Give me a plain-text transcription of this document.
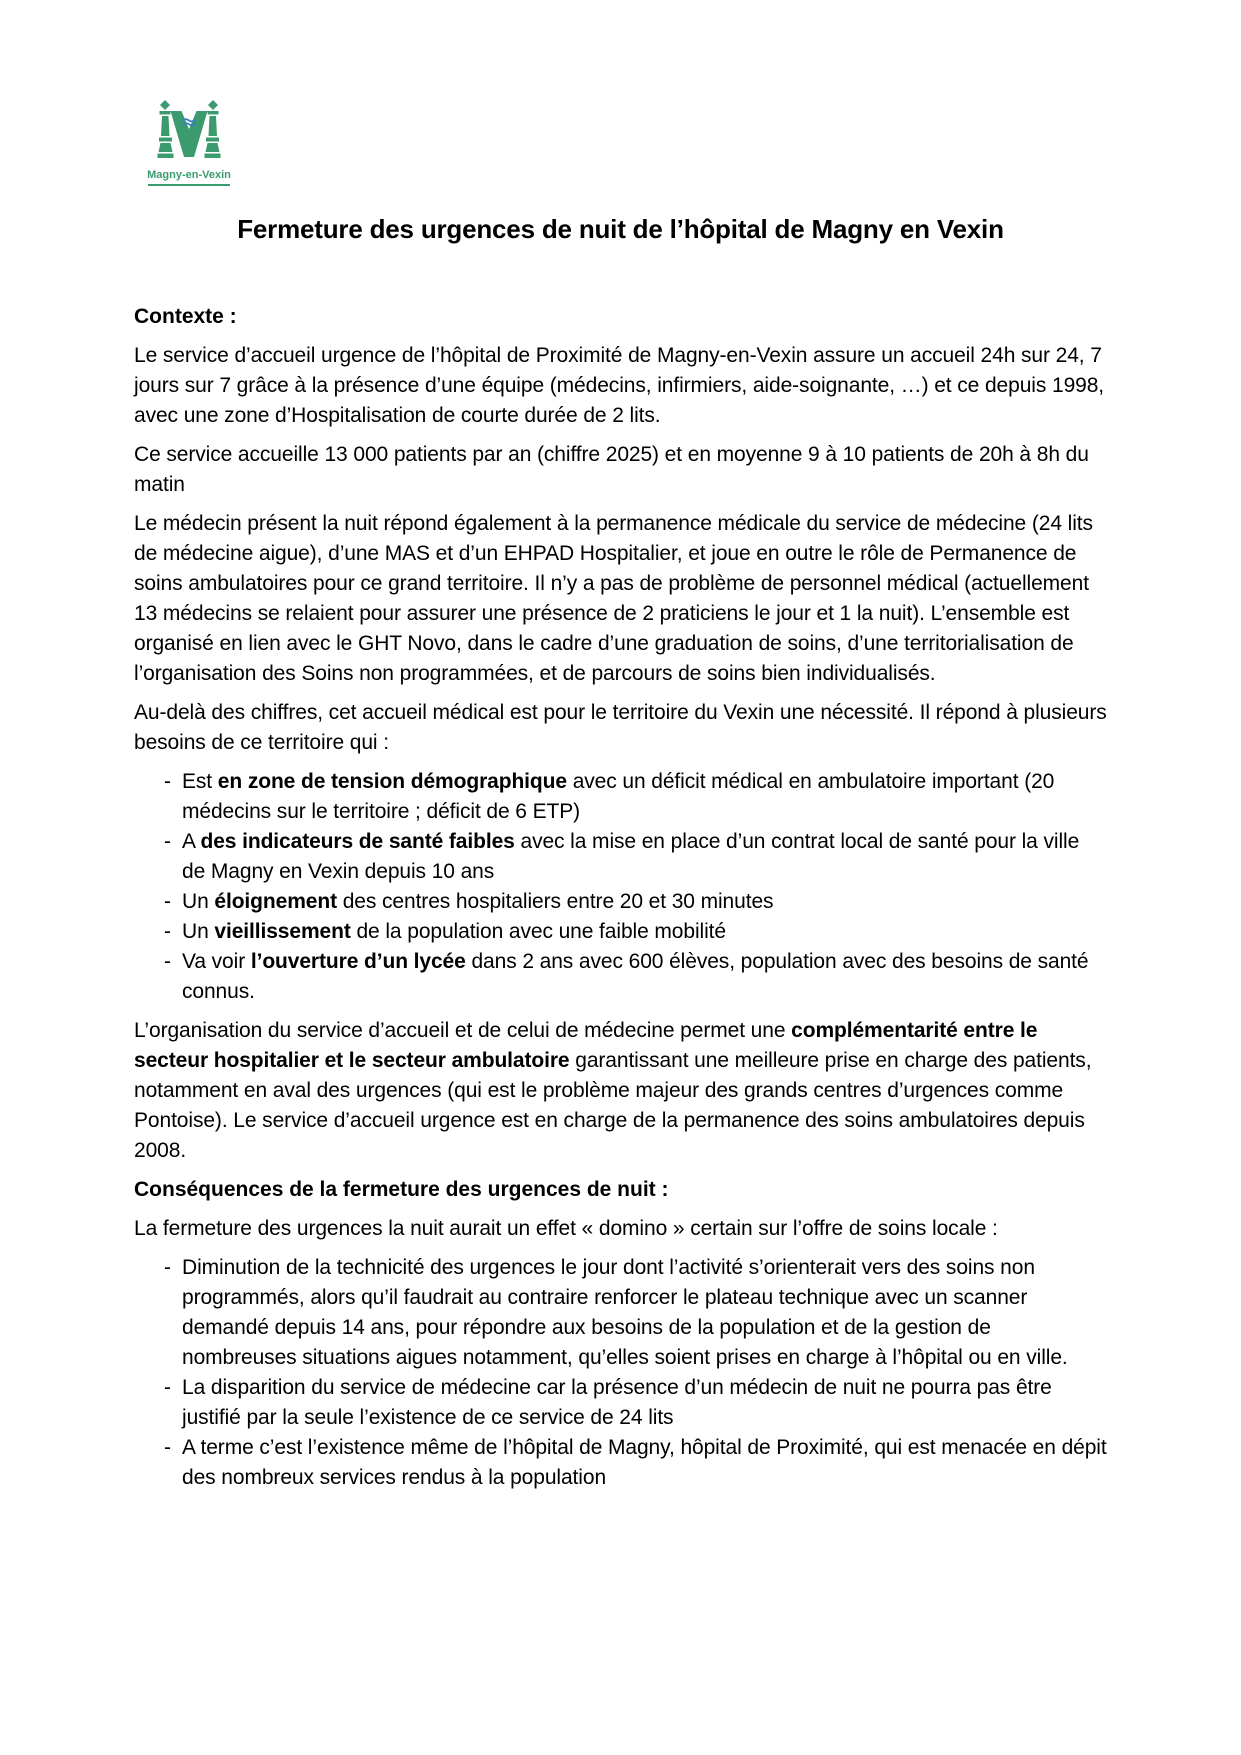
Magny-en-Vexin
Fermeture des urgences de nuit de l’hôpital de Magny en Vexin
Contexte :

Le service d’accueil urgence de l’hôpital de Proximité de Magny-en-Vexin assure un accueil 24h sur 24, 7 jours sur 7 grâce à la présence d’une équipe (médecins, infirmiers, aide-soignante, …) et ce depuis 1998, avec une zone d’Hospitalisation de courte durée de 2 lits.

Ce service accueille 13 000 patients par an (chiffre 2025) et en moyenne 9 à 10 patients de 20h à 8h du matin

Le médecin présent la nuit répond également à la permanence médicale du service de médecine (24 lits de médecine aigue), d’une MAS et d’un EHPAD Hospitalier, et joue en outre le rôle de Permanence de soins ambulatoires pour ce grand territoire. Il n’y a pas de problème de personnel médical (actuellement 13 médecins se relaient pour assurer une présence de 2 praticiens le jour et 1 la nuit). L’ensemble est organisé en lien avec le GHT Novo, dans le cadre d’une graduation de soins, d’une territorialisation de l’organisation des Soins non programmées, et de parcours de soins bien individualisés.

Au-delà des chiffres, cet accueil médical est pour le territoire du Vexin une nécessité. Il répond à plusieurs besoins de ce territoire qui :

- Est en zone de tension démographique avec un déficit médical en ambulatoire important (20 médecins sur le territoire ; déficit de 6 ETP)
- A des indicateurs de santé faibles avec la mise en place d’un contrat local de santé pour la ville de Magny en Vexin depuis 10 ans
- Un éloignement des centres hospitaliers entre 20 et 30 minutes
- Un vieillissement de la population avec une faible mobilité
- Va voir l’ouverture d’un lycée dans 2 ans avec 600 élèves, population avec des besoins de santé connus.

L’organisation du service d’accueil et de celui de médecine permet une complémentarité entre le secteur hospitalier et le secteur ambulatoire garantissant une meilleure prise en charge des patients, notamment en aval des urgences (qui est le problème majeur des grands centres d’urgences comme Pontoise). Le service d’accueil urgence est en charge de la permanence des soins ambulatoires depuis 2008.

Conséquences de la fermeture des urgences de nuit :

La fermeture des urgences la nuit aurait un effet « domino » certain sur l’offre de soins locale :

- Diminution de la technicité des urgences le jour dont l’activité s’orienterait vers des soins non programmés, alors qu’il faudrait au contraire renforcer le plateau technique avec un scanner demandé depuis 14 ans, pour répondre aux besoins de la population et de la gestion de nombreuses situations aigues notamment, qu’elles soient prises en charge à l’hôpital ou en ville.
- La disparition du service de médecine car la présence d’un médecin de nuit ne pourra pas être justifié par la seule l’existence de ce service de 24 lits
- A terme c’est l’existence même de l’hôpital de Magny, hôpital de Proximité, qui est menacée en dépit des nombreux services rendus à la population
